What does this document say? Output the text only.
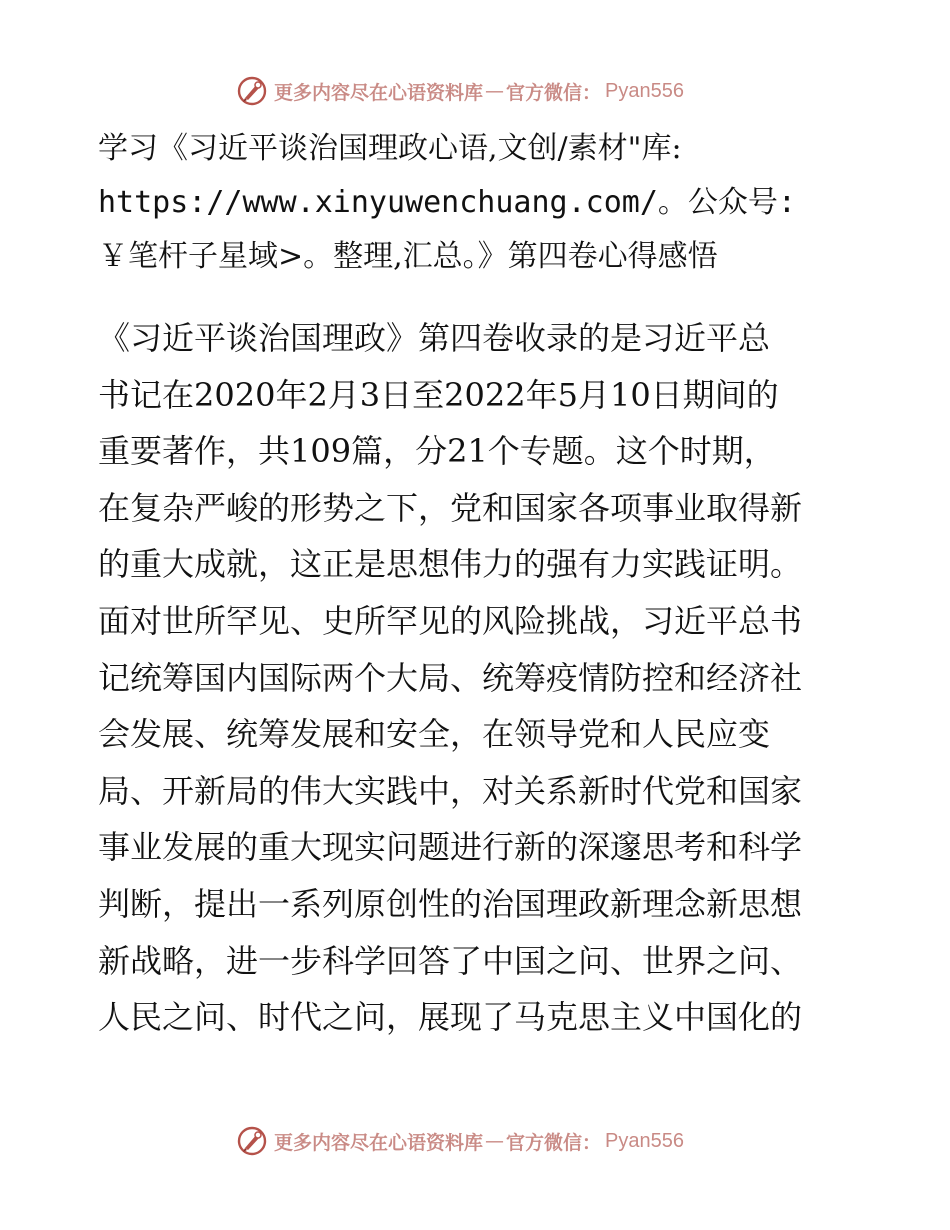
更多内容尽在心语资料库 — 官方微信： Pyan556
学习《习近平谈治国理政心语,文创/素材"库:
https://www.xinyuwenchuang.com/。公众号:
￥笔杆子星域>。整理,汇总。》第四卷心得感悟
《习近平谈治国理政》第四卷收录的是习近平总
书记在2020年2月3日至2022年5月10日期间的
重要著作，共109篇，分21个专题。这个时期，
在复杂严峻的形势之下，党和国家各项事业取得新
的重大成就，这正是思想伟力的强有力实践证明。
面对世所罕见、史所罕见的风险挑战，习近平总书
记统筹国内国际两个大局、统筹疫情防控和经济社
会发展、统筹发展和安全，在领导党和人民应变
局、开新局的伟大实践中，对关系新时代党和国家
事业发展的重大现实问题进行新的深邃思考和科学
判断，提出一系列原创性的治国理政新理念新思想
新战略，进一步科学回答了中国之问、世界之问、
人民之问、时代之问，展现了马克思主义中国化的
更多内容尽在心语资料库 — 官方微信： Pyan556
